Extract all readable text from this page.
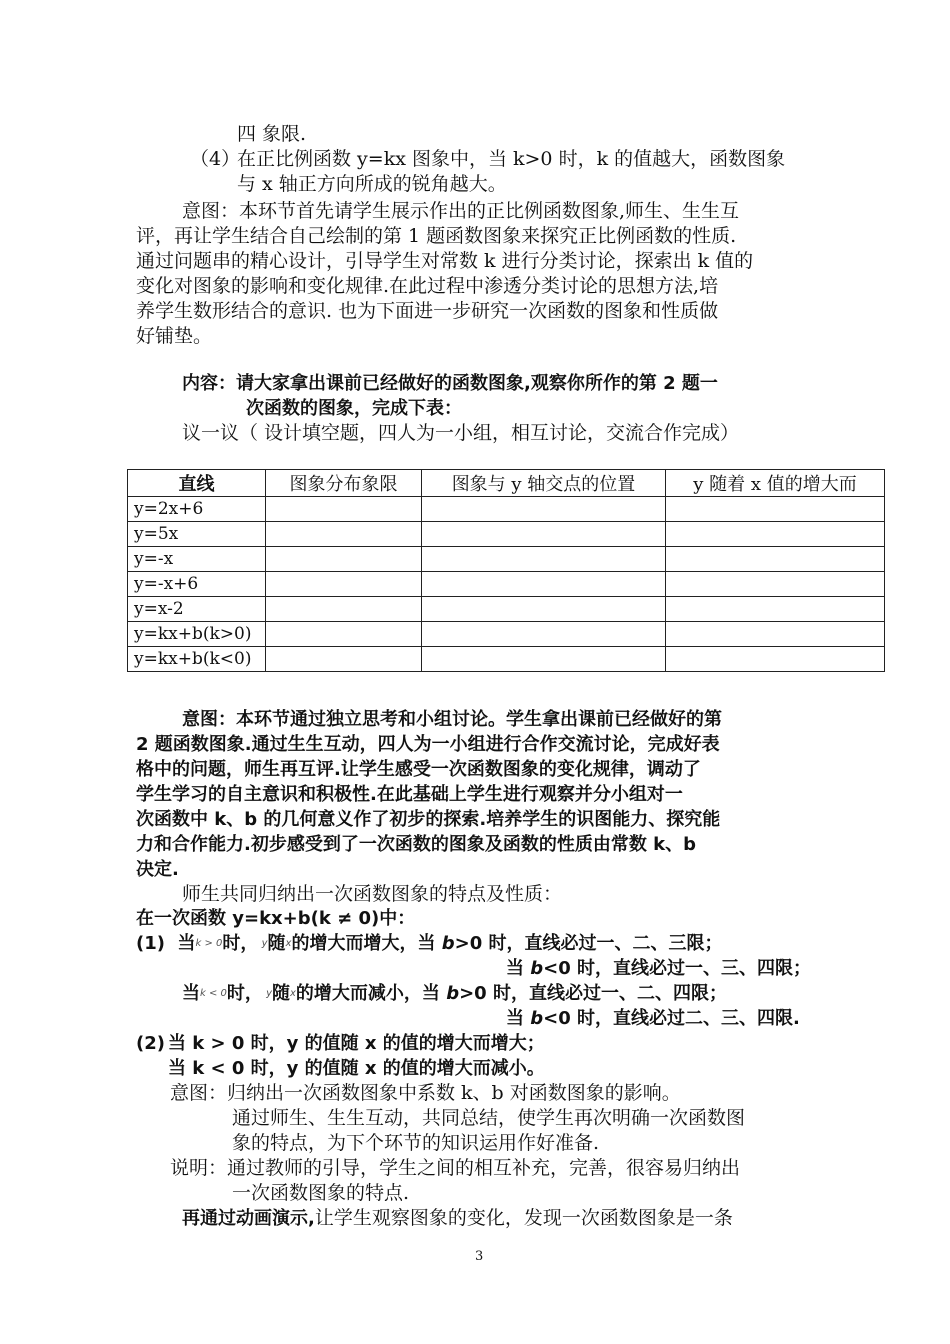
四 象限.
（4）
在正比例函数 y=kx 图象中，当 k>0 时，k 的值越大，函数图象
与 x 轴正方向所成的锐角越大。
意图：本环节首先请学生展示作出的正比例函数图象,师生、生生互
评，再让学生结合自己绘制的第 1 题函数图象来探究正比例函数的性质.
通过问题串的精心设计，引导学生对常数 k 进行分类讨论，探索出 k 值的
变化对图象的影响和变化规律.在此过程中渗透分类讨论的思想方法,培
养学生数形结合的意识. 也为下面进一步研究一次函数的图象和性质做
好铺垫。
内容：请大家拿出课前已经做好的函数图象,观察你所作的第 2 题一
次函数的图象，完成下表：
议一议（ 设计填空题，四人为一小组，相互讨论，交流合作完成）
直线	图象分布象限	图象与 y 轴交点的位置	y 随着 x 值的增大而
y=2x+6			
y=5x			
y=-x			
y=-x+6			
y=x-2			
y=kx+b(k>0)			
y=kx+b(k<0)			
意图：本环节通过独立思考和小组讨论。学生拿出课前已经做好的第
2 题函数图象.通过生生互动，四人为一小组进行合作交流讨论，完成好表
格中的问题，师生再互评.让学生感受一次函数图象的变化规律，调动了
学生学习的自主意识和积极性.在此基础上学生进行观察并分小组对一
次函数中 k、b 的几何意义作了初步的探索.培养学生的识图能力、探究能
力和合作能力.初步感受到了一次函数的图象及函数的性质由常数 k、b
决定.
师生共同归纳出一次函数图象的特点及性质：
在一次函数 y=kx+b(k ≠ 0)中：
(1) 当k > 0时， y随x的增大而增大，当 b>0 时，直线必过一、二、三限；
当 b<0 时，直线必过一、三、四限；
当k < 0时， y随x的增大而减小，当 b>0 时，直线必过一、二、四限；
当 b<0 时，直线必过二、三、四限.
(2) 当 k > 0 时，y 的值随 x 的值的增大而增大；
当 k < 0 时，y 的值随 x 的值的增大而减小。
意图：归纳出一次函数图象中系数 k、b 对函数图象的影响。
通过师生、生生互动，共同总结，使学生再次明确一次函数图
象的特点，为下个环节的知识运用作好准备.
说明：通过教师的引导，学生之间的相互补充，完善，很容易归纳出
一次函数图象的特点.
再通过动画演示,让学生观察图象的变化，发现一次函数图象是一条
3
